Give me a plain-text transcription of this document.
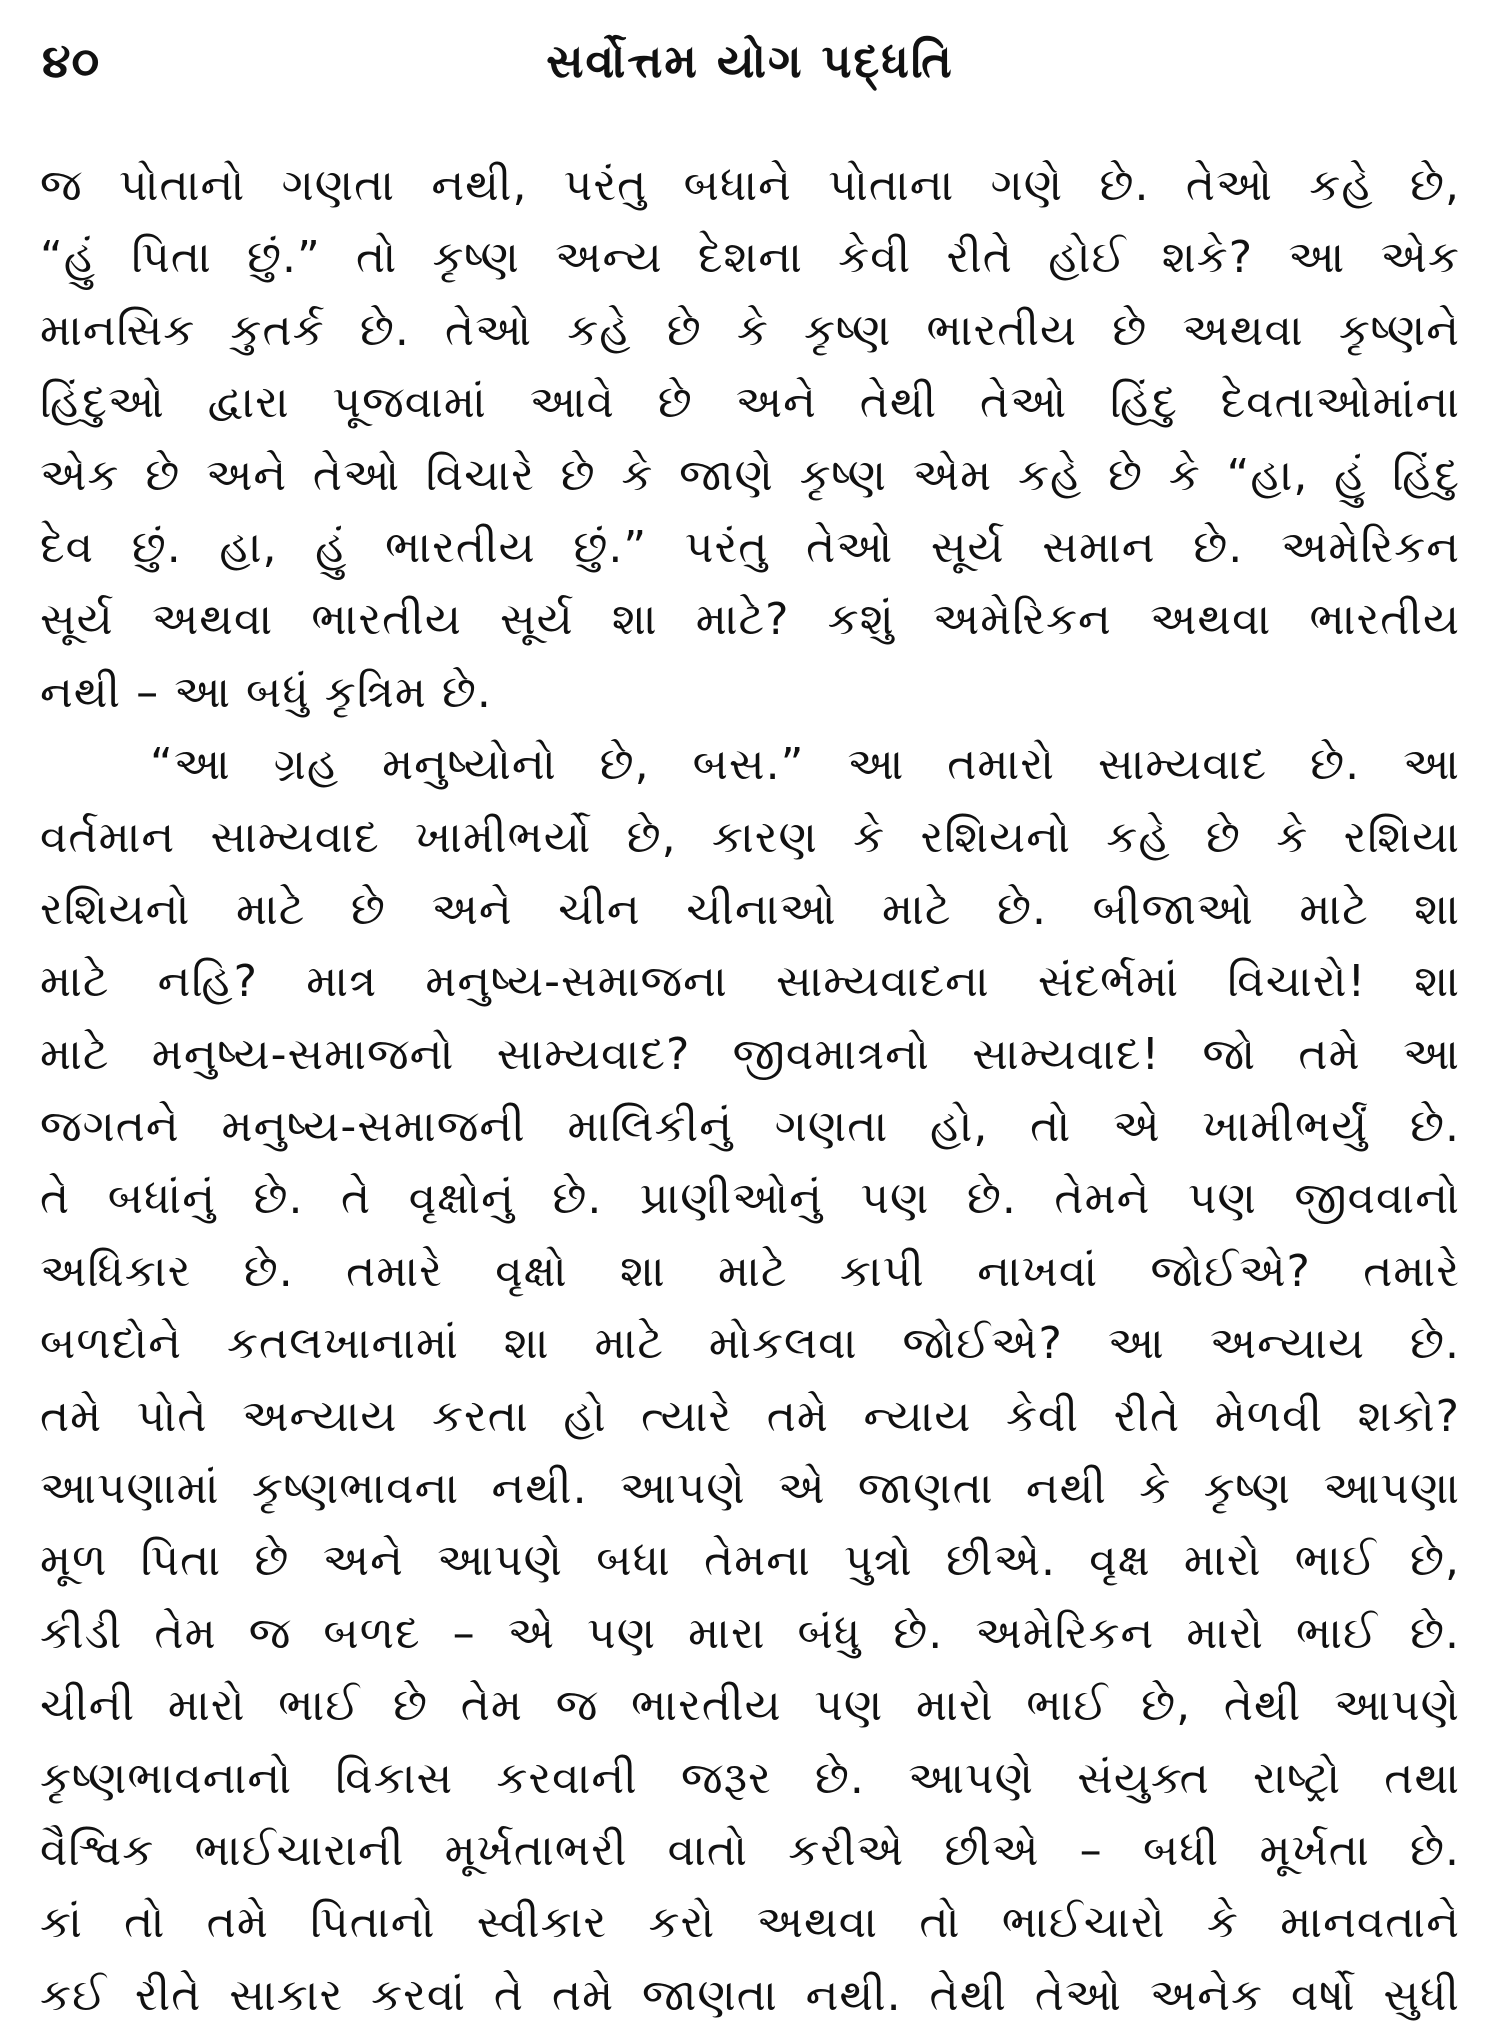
૪૦	સર્વોત્તમ યોગ પદ્ધતિ
જ પોતાનો ગણતા નથી, પરંતુ બધાને પોતાના ગણે છે. તેઓ કહે છે,
“હું પિતા છું.” તો કૃષ્ણ અન્ય દેશના કેવી રીતે હોઈ શકે? આ એક
માનસિક કુતર્ક છે. તેઓ કહે છે કે કૃષ્ણ ભારતીય છે અથવા કૃષ્ણને
હિંદુઓ દ્વારા પૂજવામાં આવે છે અને તેથી તેઓ હિંદુ દેવતાઓમાંના
એક છે અને તેઓ વિચારે છે કે જાણે કૃષ્ણ એમ કહે છે કે “હા, હું હિંદુ
દેવ છું. હા, હું ભારતીય છું.” પરંતુ તેઓ સૂર્ય સમાન છે. અમેરિકન
સૂર્ય અથવા ભારતીય સૂર્ય શા માટે? કશું અમેરિકન અથવા ભારતીય
નથી – આ બધું કૃત્રિમ છે.
“આ ગ્રહ મનુષ્યોનો છે, બસ.” આ તમારો સામ્યવાદ છે. આ
વર્તમાન સામ્યવાદ ખામીભર્યો છે, કારણ કે રશિયનો કહે છે કે રશિયા
રશિયનો માટે છે અને ચીન ચીનાઓ માટે છે. બીજાઓ માટે શા
માટે નહિ? માત્ર મનુષ્ય-સમાજના સામ્યવાદના સંદર્ભમાં વિચારો! શા
માટે મનુષ્ય-સમાજનો સામ્યવાદ? જીવમાત્રનો સામ્યવાદ! જો તમે આ
જગતને મનુષ્ય-સમાજની માલિકીનું ગણતા હો, તો એ ખામીભર્યું છે.
તે બધાંનું છે. તે વૃક્ષોનું છે. પ્રાણીઓનું પણ છે. તેમને પણ જીવવાનો
અધિકાર છે. તમારે વૃક્ષો શા માટે કાપી નાખવાં જોઈએ? તમારે
બળદોને કતલખાનામાં શા માટે મોકલવા જોઈએ? આ અન્યાય છે.
તમે પોતે અન્યાય કરતા હો ત્યારે તમે ન્યાય કેવી રીતે મેળવી શકો?
આપણામાં કૃષ્ણભાવના નથી. આપણે એ જાણતા નથી કે કૃષ્ણ આપણા
મૂળ પિતા છે અને આપણે બધા તેમના પુત્રો છીએ. વૃક્ષ મારો ભાઈ છે,
કીડી તેમ જ બળદ – એ પણ મારા બંધુ છે. અમેરિકન મારો ભાઈ છે.
ચીની મારો ભાઈ છે તેમ જ ભારતીય પણ મારો ભાઈ છે, તેથી આપણે
કૃષ્ણભાવનાનો વિકાસ કરવાની જરૂર છે. આપણે સંયુક્ત રાષ્ટ્રો તથા
વૈશ્વિક ભાઈચારાની મૂર્ખતાભરી વાતો કરીએ છીએ – બધી મૂર્ખતા છે.
કાં તો તમે પિતાનો સ્વીકાર કરો અથવા તો ભાઈચારો કે માનવતાને
કઈ રીતે સાકાર કરવાં તે તમે જાણતા નથી. તેથી તેઓ અનેક વર્ષો સુધી
